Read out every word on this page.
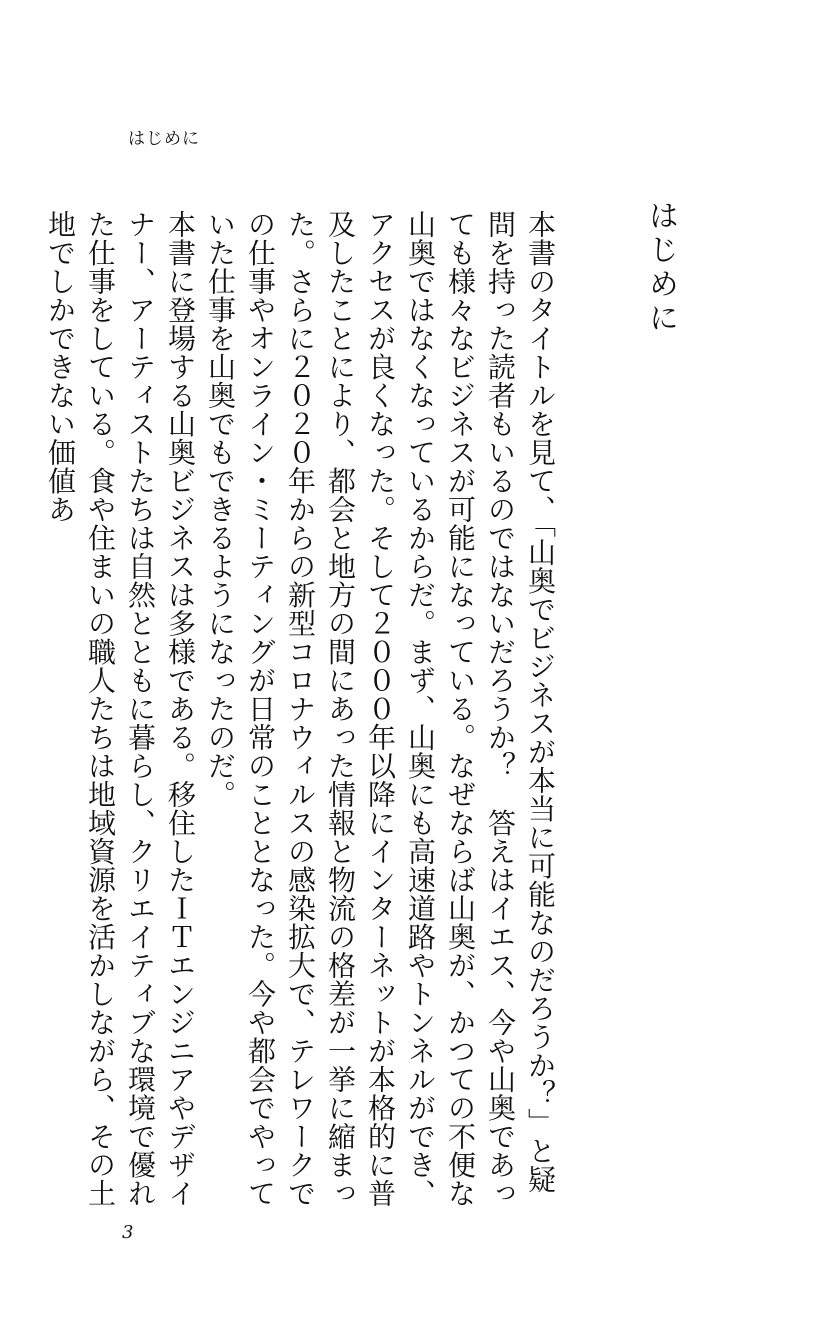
はじめに
はじめに

本書のタイトルを見て、「山奥でビジネスが本当に可能なのだろうか？」と疑問を持った読者もいるのではないだろうか？　答えはイエス、今や山奥であっても様々なビジネスが可能になっている。なぜならば山奥が、かつての不便な山奥ではなくなっているからだ。まず、山奥にも高速道路やトンネルができ、アクセスが良くなった。そして２０００年以降にインターネットが本格的に普及したことにより、都会と地方の間にあった情報と物流の格差が一挙に縮まった。さらに２０２０年からの新型コロナウィルスの感染拡大で、テレワークでの仕事やオンライン・ミーティングが日常のこととなった。今や都会でやっていた仕事を山奥でもできるようになったのだ。

本書に登場する山奥ビジネスは多様である。移住したＩＴエンジニアやデザイナー、アーティストたちは自然とともに暮らし、クリエイティブな環境で優れた仕事をしている。食や住まいの職人たちは地域資源を活かしながら、その土地でしかできない価値あ

3
